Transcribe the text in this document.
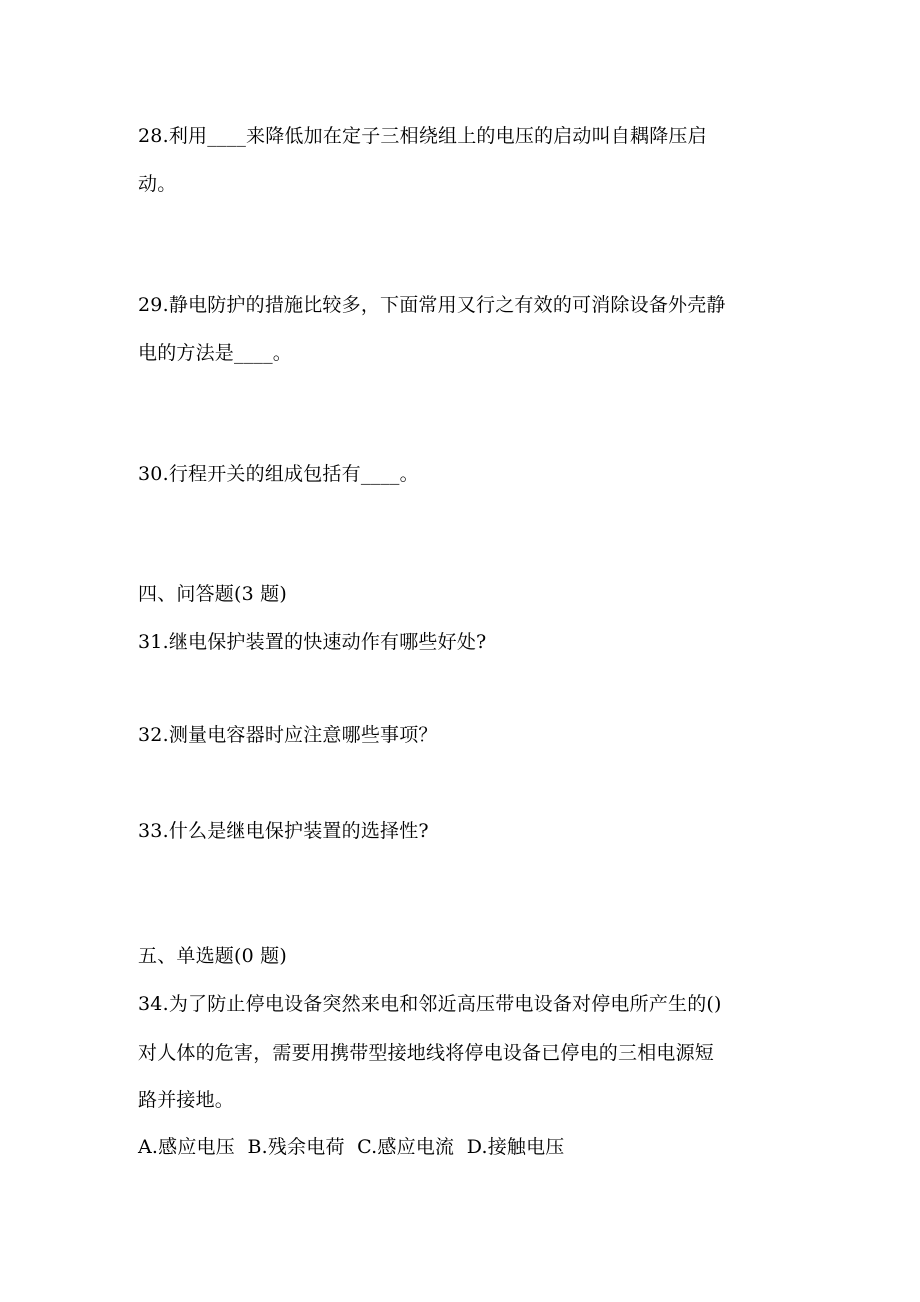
28.利用____来降低加在定子三相绕组上的电压的启动叫自耦降压启
动。
29.静电防护的措施比较多，下面常用又行之有效的可消除设备外壳静
电的方法是____。
30.行程开关的组成包括有____。
四、问答题(3 题)
31.继电保护装置的快速动作有哪些好处?
32.测量电容器时应注意哪些事项？
33.什么是继电保护装置的选择性?
五、单选题(0 题)
34.为了防止停电设备突然来电和邻近高压带电设备对停电所产生的()
对人体的危害，需要用携带型接地线将停电设备已停电的三相电源短
路并接地。
A.感应电压  B.残余电荷  C.感应电流  D.接触电压
